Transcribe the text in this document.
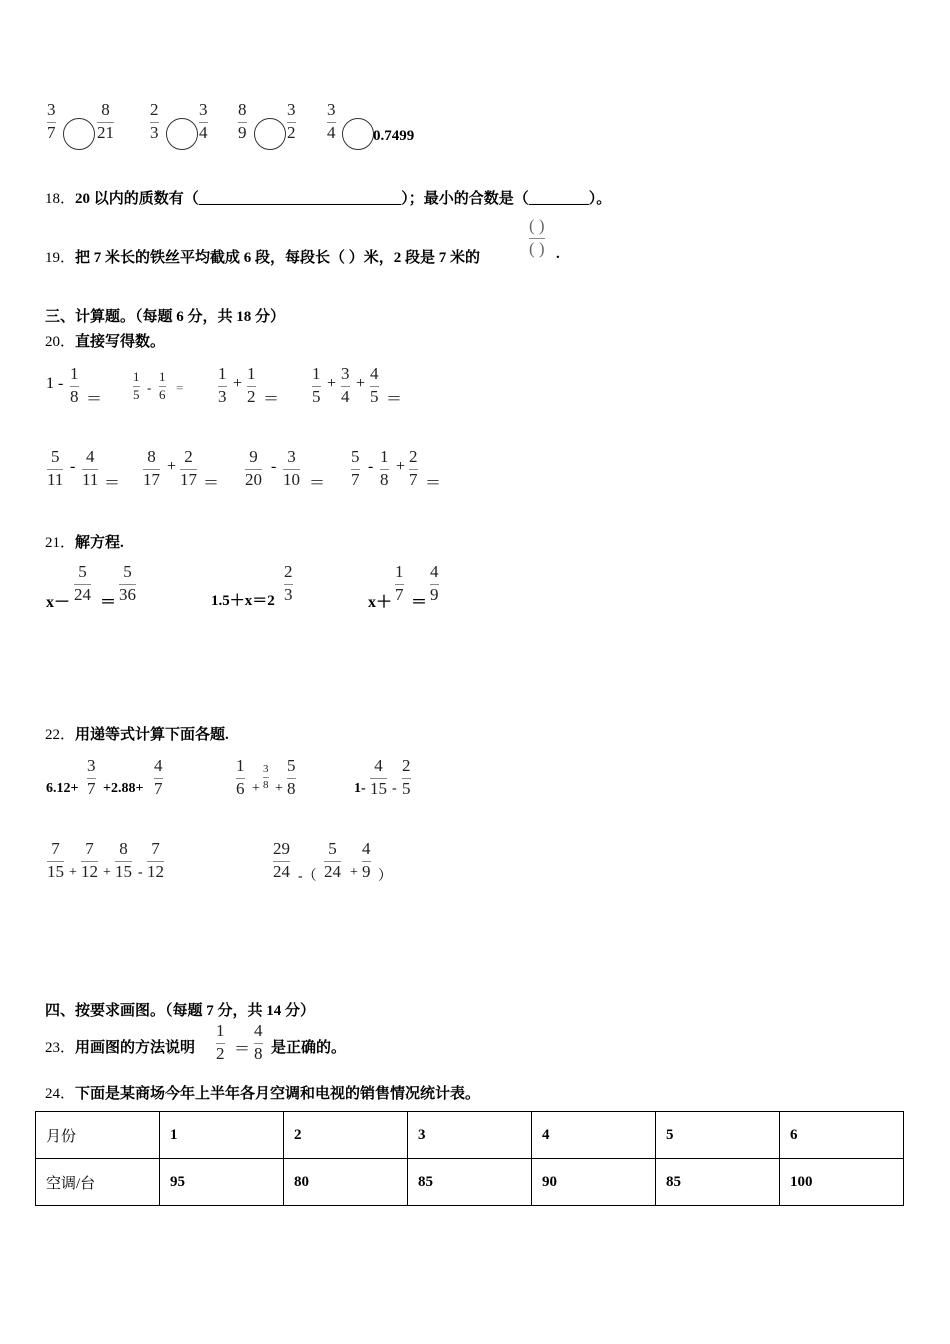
3
7
8
21
2
3
3
4
8
9
3
2
3
4	0.7499
18．20 以内的质数有（___________________________）；最小的合数是（________）。
19．把 7 米长的铁丝平均截成 6 段，每段长（ ）米，2 段是 7 米的
( )
( ) .
三、计算题。（每题 6 分，共 18 分）
20．直接写得数。
1 -
1
8 ＝
1
5 -
1
6 =
1
3
+
1
2 ＝
1
5
+
3
4
+
4
5 ＝
5
11
-
4
11 ＝
8
17
+
2
17 ＝
9
20
-
3
10 ＝
5
7
-
1
8
+
2
7 ＝
21．解方程.
x－
5
24 ＝
5
36	1.5＋x＝2
2
3	x＋
1
7 ＝
4
9
22．用递等式计算下面各题.
6.12+
3
7 +2.88+
4
7
1
6 +
3
8 +
5
8	1-
4
15 -
2
5
7
15 +
7
12 +
8
15 -
7
12
29
24 -（
5
24 +
4
9 ）
四、按要求画图。（每题 7 分，共 14 分）
23．用画图的方法说明
1
2 ＝
4
8 是正确的。
24．下面是某商场今年上半年各月空调和电视的销售情况统计表。
月份	1	2	3	4	5	6
空调/台	95	80	85	90	85	100
